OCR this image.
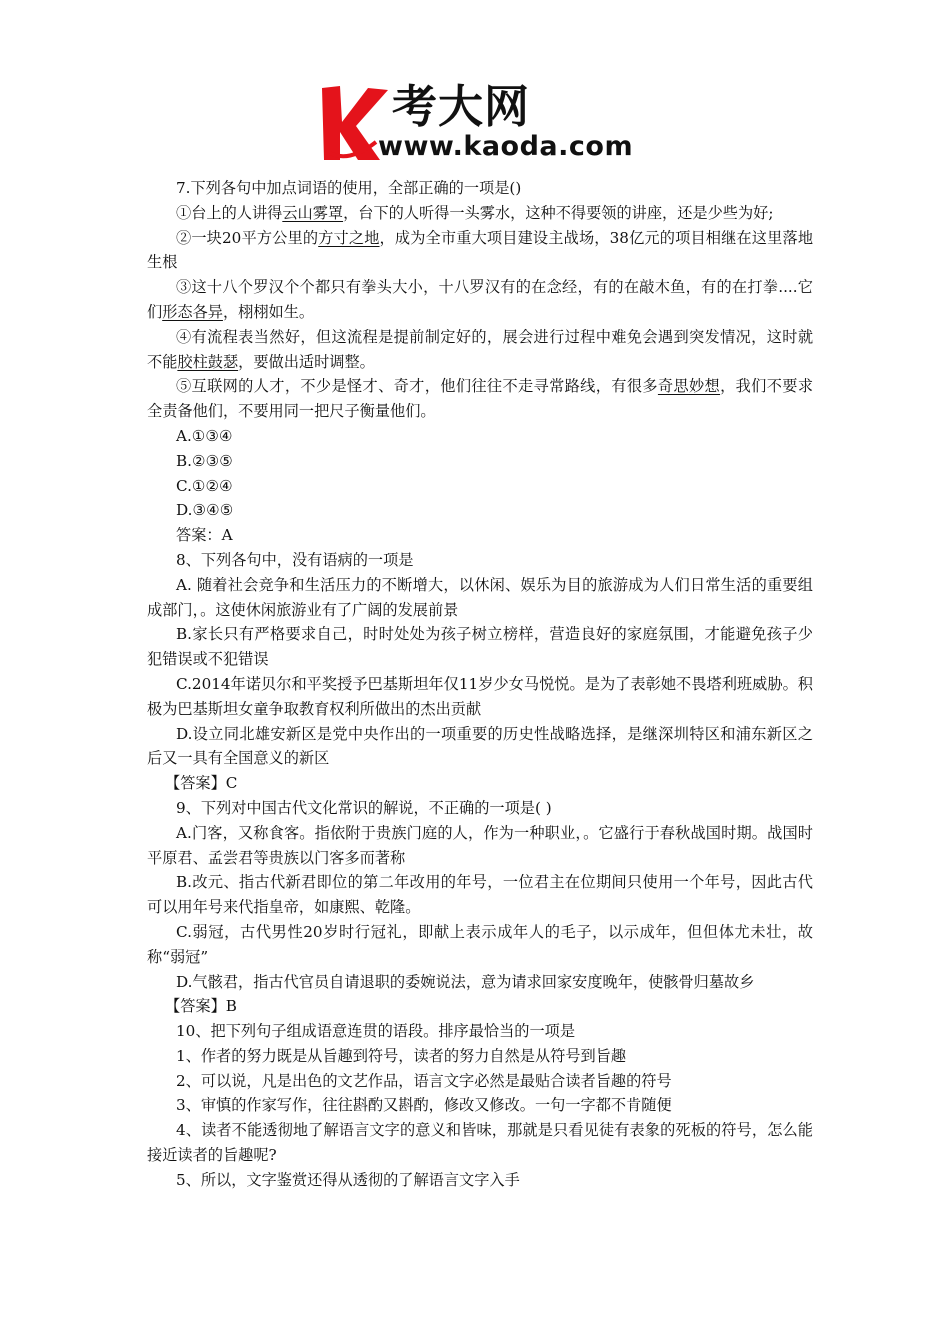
考大网
www.kaoda.com

7.下列各句中加点词语的使用，全部正确的一项是()

①台上的人讲得云山雾罩，台下的人听得一头雾水，这种不得要领的讲座，还是少些为好;

②一块20平方公里的方寸之地，成为全市重大项目建设主战场，38亿元的项目相继在这里落地生根

③这十八个罗汉个个都只有拳头大小，十八罗汉有的在念经，有的在敲木鱼，有的在打拳....它们形态各异，栩栩如生。

④有流程表当然好，但这流程是提前制定好的，展会进行过程中难免会遇到突发情况，这时就不能胶柱鼓瑟，要做出适时调整。

⑤互联网的人才，不少是怪才、奇才，他们往往不走寻常路线，有很多奇思妙想，我们不要求全责备他们，不要用同一把尺子衡量他们。

A.①③④

B.②③⑤

C.①②④

D.③④⑤

答案：A

8、下列各句中，没有语病的一项是

A. 随着社会竞争和生活压力的不断增大，以休闲、娱乐为目的旅游成为人们日常生活的重要组成部门，。这使休闲旅游业有了广阔的发展前景

B.家长只有严格要求自己，时时处处为孩子树立榜样，营造良好的家庭氛围，才能避免孩子少犯错误或不犯错误

C.2014年诺贝尔和平奖授予巴基斯坦年仅11岁少女马悦悦。是为了表彰她不畏塔利班威胁。积极为巴基斯坦女童争取教育权利所做出的杰出贡献

D.设立同北雄安新区是党中央作出的一项重要的历史性战略选择，是继深圳特区和浦东新区之后又一具有全国意义的新区

【答案】C

9、下列对中国古代文化常识的解说，不正确的一项是( )

A.门客，又称食客。指依附于贵族门庭的人，作为一种职业，。它盛行于春秋战国时期。战国时平原君、孟尝君等贵族以门客多而著称

B.改元、指古代新君即位的第二年改用的年号，一位君主在位期间只使用一个年号，因此古代可以用年号来代指皇帝，如康熙、乾隆。

C.弱冠，古代男性20岁时行冠礼，即献上表示成年人的毛子，以示成年，但但体尤未壮，故称“弱冠”

D.气骸君，指古代官员自请退职的委婉说法，意为请求回家安度晚年，使骸骨归墓故乡

【答案】B

10、把下列句子组成语意连贯的语段。排序最恰当的一项是

1、作者的努力既是从旨趣到符号，读者的努力自然是从符号到旨趣

2、可以说，凡是出色的文艺作品，语言文字必然是最贴合读者旨趣的符号

3、审慎的作家写作，往往斟酌又斟酌，修改又修改。一句一字都不肯随便

4、读者不能透彻地了解语言文字的意义和皆味，那就是只看见徒有表象的死板的符号，怎么能接近读者的旨趣呢?

5、所以，文字鉴赏还得从透彻的了解语言文字入手
